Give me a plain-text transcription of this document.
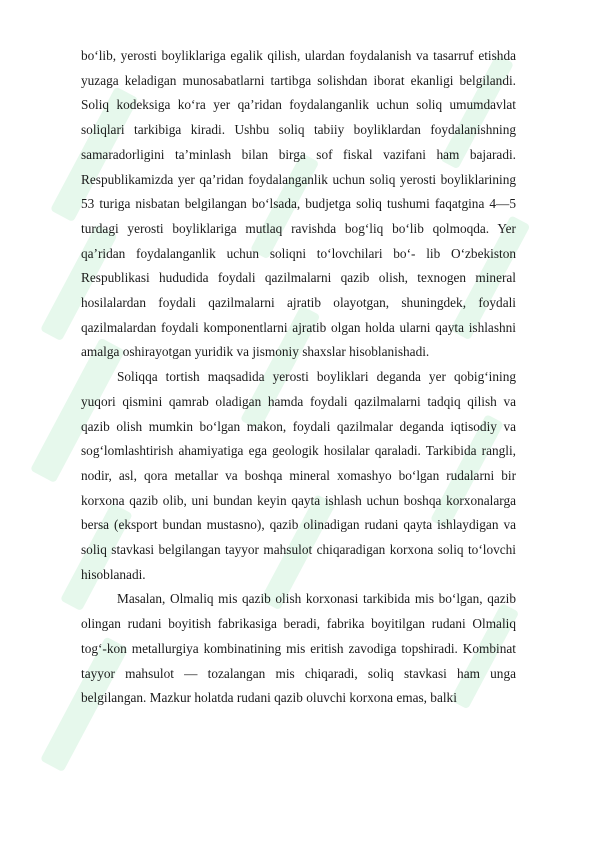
bo‘lib, yerosti boyliklariga egalik qilish, ulardan foydalanish va tasarruf etishda yuzaga keladigan munosabatlarni tartibga solishdan iborat ekanligi belgilandi. Soliq kodeksiga ko‘ra yer qa’ridan foydalanganlik uchun soliq umumdavlat soliqlari tarkibiga kiradi. Ushbu soliq tabiiy boyliklardan foydalanishning samaradorligini ta’minlash bilan birga sof fiskal vazifani ham bajaradi. Respublikamizda yer qa’ridan foydalanganlik uchun soliq yerosti boyliklarining 53 turiga nisbatan belgilangan bo‘lsada, budjetga soliq tushumi faqatgina 4—5 turdagi yerosti boyliklariga mutlaq ravishda bog‘liq bo‘lib qolmoqda. Yer qa’ridan foydalanganlik uchun soliqni to‘lovchilari bo‘- lib O‘zbekiston Respublikasi hududida foydali qazilmalarni qazib olish, texnogen mineral hosilalardan foydali qazilmalarni ajratib olayotgan, shuningdek, foydali qazilmalardan foydali komponentlarni ajratib olgan holda ularni qayta ishlashni amalga oshirayotgan yuridik va jismoniy shaxslar hisoblanishadi.

Soliqqa tortish maqsadida yerosti boyliklari deganda yer qobig‘ining yuqori qismini qamrab oladigan hamda foydali qazilmalarni tadqiq qilish va qazib olish mumkin bo‘lgan makon, foydali qazilmalar deganda iqtisodiy va sog‘lomlashtirish ahamiyatiga ega geologik hosilalar qaraladi. Tarkibida rangli, nodir, asl, qora metallar va boshqa mineral xomashyo bo‘lgan rudalarni bir korxona qazib olib, uni bundan keyin qayta ishlash uchun boshqa korxonalarga bersa (eksport bundan mustasno), qazib olinadigan rudani qayta ishlaydigan va soliq stavkasi belgilangan tayyor mahsulot chiqaradigan korxona soliq to‘lovchi hisoblanadi.

Masalan, Olmaliq mis qazib olish korxonasi tarkibida mis bo‘lgan, qazib olingan rudani boyitish fabrikasiga beradi, fabrika boyitilgan rudani Olmaliq tog‘-kon metallurgiya kombinatining mis eritish zavodiga topshiradi. Kombinat tayyor mahsulot — tozalangan mis chiqaradi, soliq stavkasi ham unga belgilangan. Mazkur holatda rudani qazib oluvchi korxona emas, balki
